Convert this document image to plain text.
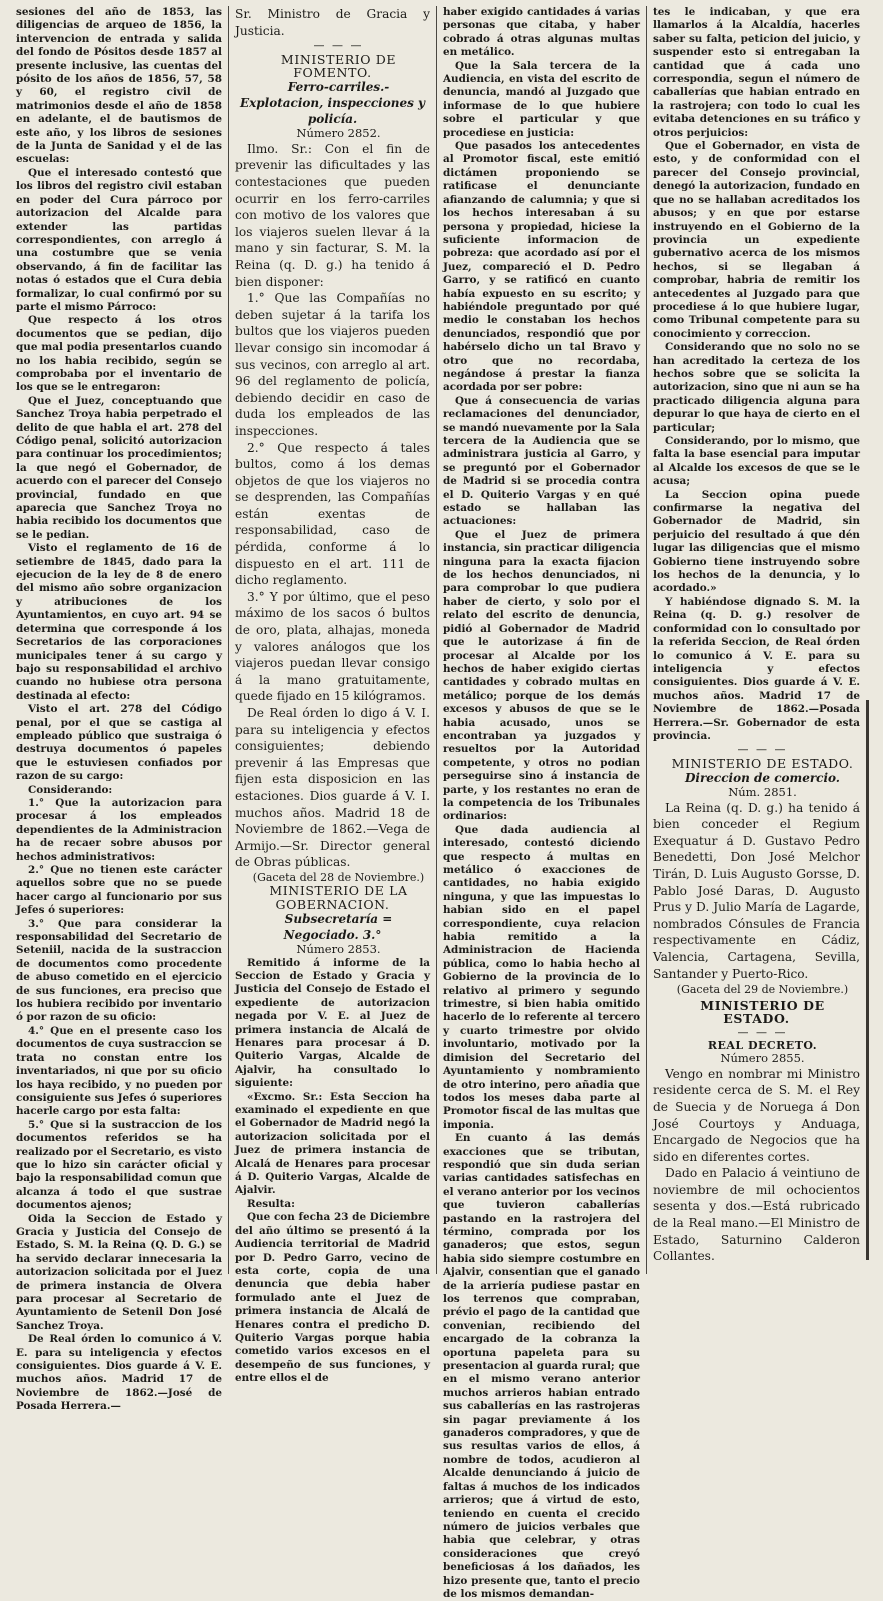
sesiones del año de 1853, las diligencias de arqueo de 1856, la intervencion de entrada y salida del fondo de Pósitos desde 1857 al presente inclusive, las cuentas del pósito de los años de 1856, 57, 58 y 60, el registro civil de matrimonios desde el año de 1858 en adelante, el de bautismos de este año, y los libros de sesiones de la Junta de Sanidad y el de las escuelas:

Que el interesado contestó que los libros del registro civil estaban en poder del Cura párroco por autorizacion del Alcalde para extender las partidas correspondientes, con arreglo á una costumbre que se venia observando, á fin de facilitar las notas ó estados que el Cura debia formalizar, lo cual confirmó por su parte el mismo Párroco:

Que respecto á los otros documentos que se pedian, dijo que mal podia presentarlos cuando no los habia recibido, según se comprobaba por el inventario de los que se le entregaron:

Que el Juez, conceptuando que Sanchez Troya habia perpetrado el delito de que habla el art. 278 del Código penal, solicitó autorizacion para continuar los procedimientos; la que negó el Gobernador, de acuerdo con el parecer del Consejo provincial, fundado en que aparecia que Sanchez Troya no habia recibido los documentos que se le pedian.

Visto el reglamento de 16 de setiembre de 1845, dado para la ejecucion de la ley de 8 de enero del mismo año sobre organizacion y atribuciones de los Ayuntamientos, en cuyo art. 94 se determina que corresponde á los Secretarios de las corporaciones municipales tener á su cargo y bajo su responsabilidad el archivo cuando no hubiese otra persona destinada al efecto:

Visto el art. 278 del Código penal, por el que se castiga al empleado público que sustraiga ó destruya documentos ó papeles que le estuviesen confiados por razon de su cargo:

Considerando:

1.° Que la autorizacion para procesar á los empleados dependientes de la Administracion ha de recaer sobre abusos por hechos administrativos:

2.° Que no tienen este carácter aquellos sobre que no se puede hacer cargo al funcionario por sus Jefes ó superiores:

3.° Que para considerar la responsabilidad del Secretario de Seteniil, nacida de la sustraccion de documentos como procedente de abuso cometido en el ejercicio de sus funciones, era preciso que los hubiera recibido por inventario ó por razon de su oficio:

4.° Que en el presente caso los documentos de cuya sustraccion se trata no constan entre los inventariados, ni que por su oficio los haya recibido, y no pueden por consiguiente sus Jefes ó superiores hacerle cargo por esta falta:

5.° Que si la sustraccion de los documentos referidos se ha realizado por el Secretario, es visto que lo hizo sin carácter oficial y bajo la responsabilidad comun que alcanza á todo el que sustrae documentos ajenos;

Oida la Seccion de Estado y Gracia y Justicia del Consejo de Estado, S. M. la Reina (Q. D. G.) se ha servido declarar innecesaria la autorizacion solicitada por el Juez de primera instancia de Olvera para procesar al Secretario de Ayuntamiento de Setenil Don José Sanchez Troya.

De Real órden lo comunico á V. E. para su inteligencia y efectos consiguientes. Dios guarde á V. E. muchos años. Madrid 17 de Noviembre de 1862.—José de Posada Herrera.—

Sr. Ministro de Gracia y Justicia.

— — —

MINISTERIO DE FOMENTO.

Ferro-carriles.-Explotacion, inspecciones y policía.

Número 2852.

Ilmo. Sr.: Con el fin de prevenir las dificultades y las contestaciones que pueden ocurrir en los ferro-carriles con motivo de los valores que los viajeros suelen llevar á la mano y sin facturar, S. M. la Reina (q. D. g.) ha tenido á bien disponer:

1.° Que las Compañías no deben sujetar á la tarifa los bultos que los viajeros pueden llevar consigo sin incomodar á sus vecinos, con arreglo al art. 96 del reglamento de policía, debiendo decidir en caso de duda los empleados de las inspecciones.

2.° Que respecto á tales bultos, como á los demas objetos de que los viajeros no se desprenden, las Compañías están exentas de responsabilidad, caso de pérdida, conforme á lo dispuesto en el art. 111 de dicho reglamento.

3.° Y por último, que el peso máximo de los sacos ó bultos de oro, plata, alhajas, moneda y valores análogos que los viajeros puedan llevar consigo á la mano gratuitamente, quede fijado en 15 kilógramos.

De Real órden lo digo á V. I. para su inteligencia y efectos consiguientes; debiendo prevenir á las Empresas que fijen esta disposicion en las estaciones. Dios guarde á V. I. muchos años. Madrid 18 de Noviembre de 1862.—Vega de Armijo.—Sr. Director general de Obras públicas.

(Gaceta del 28 de Noviembre.)

MINISTERIO DE LA GOBERNACION.

Subsecretaría = Negociado. 3.°

Número 2853.

Remitido á informe de la Seccion de Estado y Gracia y Justicia del Consejo de Estado el expediente de autorizacion negada por V. E. al Juez de primera instancia de Alcalá de Henares para procesar á D. Quiterio Vargas, Alcalde de Ajalvir, ha consultado lo siguiente:

«Excmo. Sr.: Esta Seccion ha examinado el expediente en que el Gobernador de Madrid negó la autorizacion solicitada por el Juez de primera instancia de Alcalá de Henares para procesar á D. Quiterio Vargas, Alcalde de Ajalvir.

Resulta:

Que con fecha 23 de Diciembre del año último se presentó á la Audiencia territorial de Madrid por D. Pedro Garro, vecino de esta corte, copia de una denuncia que debia haber formulado ante el Juez de primera instancia de Alcalá de Henares contra el predicho D. Quiterio Vargas porque habia cometido varios excesos en el desempeño de sus funciones, y entre ellos el de

haber exigido cantidades á varias personas que citaba, y haber cobrado á otras algunas multas en metálico.

Que la Sala tercera de la Audiencia, en vista del escrito de denuncia, mandó al Juzgado que informase de lo que hubiere sobre el particular y que procediese en justicia:

Que pasados los antecedentes al Promotor fiscal, este emitió dictámen proponiendo se ratificase el denunciante afianzando de calumnia; y que si los hechos interesaban á su persona y propiedad, hiciese la suficiente informacion de pobreza: que acordado así por el Juez, compareció el D. Pedro Garro, y se ratificó en cuanto había expuesto en su escrito; y habiéndole preguntado por qué medio le constaban los hechos denunciados, respondió que por habérselo dicho un tal Bravo y otro que no recordaba, negándose á prestar la fianza acordada por ser pobre:

Que á consecuencia de varias reclamaciones del denunciador, se mandó nuevamente por la Sala tercera de la Audiencia que se administrara justicia al Garro, y se preguntó por el Gobernador de Madrid si se procedia contra el D. Quiterio Vargas y en qué estado se hallaban las actuaciones:

Que el Juez de primera instancia, sin practicar diligencia ninguna para la exacta fijacion de los hechos denunciados, ni para comprobar lo que pudiera haber de cierto, y solo por el relato del escrito de denuncia, pidió al Gobernador de Madrid que le autorizase á fin de procesar al Alcalde por los hechos de haber exigido ciertas cantidades y cobrado multas en metálico; porque de los demás excesos y abusos de que se le habia acusado, unos se encontraban ya juzgados y resueltos por la Autoridad competente, y otros no podian perseguirse sino á instancia de parte, y los restantes no eran de la competencia de los Tribunales ordinarios:

Que dada audiencia al interesado, contestó diciendo que respecto á multas en metálico ó exacciones de cantidades, no habia exigido ninguna, y que las impuestas lo habian sido en el papel correspondiente, cuya relacion habia remitido a la Administracion de Hacienda pública, como lo habia hecho al Gobierno de la provincia de lo relativo al primero y segundo trimestre, si bien habia omitido hacerlo de lo referente al tercero y cuarto trimestre por olvido involuntario, motivado por la dimision del Secretario del Ayuntamiento y nombramiento de otro interino, pero añadia que todos los meses daba parte al Promotor fiscal de las multas que imponia.

En cuanto á las demás exacciones que se tributan, respondió que sin duda serian varias cantidades satisfechas en el verano anterior por los vecinos que tuvieron caballerías pastando en la rastrojera del término, comprada por los ganaderos; que estos, segun habia sido siempre costumbre en Ajalvir, consentian que el ganado de la arriería pudiese pastar en los terrenos que compraban, prévio el pago de la cantidad que convenian, recibiendo del encargado de la cobranza la oportuna papeleta para su presentacion al guarda rural; que en el mismo verano anterior muchos arrieros habian entrado sus caballerías en las rastrojeras sin pagar previamente á los ganaderos compradores, y que de sus resultas varios de ellos, á nombre de todos, acudieron al Alcalde denunciando á juicio de faltas á muchos de los indicados arrieros; que á virtud de esto, teniendo en cuenta el crecido número de juicios verbales que habia que celebrar, y otras consideraciones que creyó beneficiosas á los dañados, les hizo presente que, tanto el precio de los mismos demandan-

tes le indicaban, y que era llamarlos á la Alcaldía, hacerles saber su falta, peticion del juicio, y suspender esto si entregaban la cantidad que á cada uno correspondia, segun el número de caballerías que habian entrado en la rastrojera; con todo lo cual les evitaba detenciones en su tráfico y otros perjuicios:

Que el Gobernador, en vista de esto, y de conformidad con el parecer del Consejo provincial, denegó la autorizacion, fundado en que no se hallaban acreditados los abusos; y en que por estarse instruyendo en el Gobierno de la provincia un expediente gubernativo acerca de los mismos hechos, si se llegaban á comprobar, habria de remitir los antecedentes al Juzgado para que procediese á lo que hubiere lugar, como Tribunal competente para su conocimiento y correccion.

Considerando que no solo no se han acreditado la certeza de los hechos sobre que se solicita la autorizacion, sino que ni aun se ha practicado diligencia alguna para depurar lo que haya de cierto en el particular;

Considerando, por lo mismo, que falta la base esencial para imputar al Alcalde los excesos de que se le acusa;

La Seccion opina puede confirmarse la negativa del Gobernador de Madrid, sin perjuicio del resultado á que dén lugar las diligencias que el mismo Gobierno tiene instruyendo sobre los hechos de la denuncia, y lo acordado.»

Y habiéndose dignado S. M. la Reina (q. D. g.) resolver de conformidad con lo consultado por la referida Seccion, de Real órden lo comunico á V. E. para su inteligencia y efectos consiguientes. Dios guarde á V. E. muchos años. Madrid 17 de Noviembre de 1862.—Posada Herrera.—Sr. Gobernador de esta provincia.

— — —

MINISTERIO DE ESTADO.

Direccion de comercio.

Núm. 2851.

La Reina (q. D. g.) ha tenido á bien conceder el Regium Exequatur á D. Gustavo Pedro Benedetti, Don José Melchor Tirán, D. Luis Augusto Gorsse, D. Pablo José Daras, D. Augusto Prus y D. Julio María de Lagarde, nombrados Cónsules de Francia respectivamente en Cádiz, Valencia, Cartagena, Sevilla, Santander y Puerto-Rico.

(Gaceta del 29 de Noviembre.)

MINISTERIO DE ESTADO.

— — —

REAL DECRETO.

Número 2855.

Vengo en nombrar mi Ministro residente cerca de S. M. el Rey de Suecia y de Noruega á Don José Courtoys y Anduaga, Encargado de Negocios que ha sido en diferentes cortes.

Dado en Palacio á veintiuno de noviembre de mil ochocientos sesenta y dos.—Está rubricado de la Real mano.—El Ministro de Estado, Saturnino Calderon Collantes.
